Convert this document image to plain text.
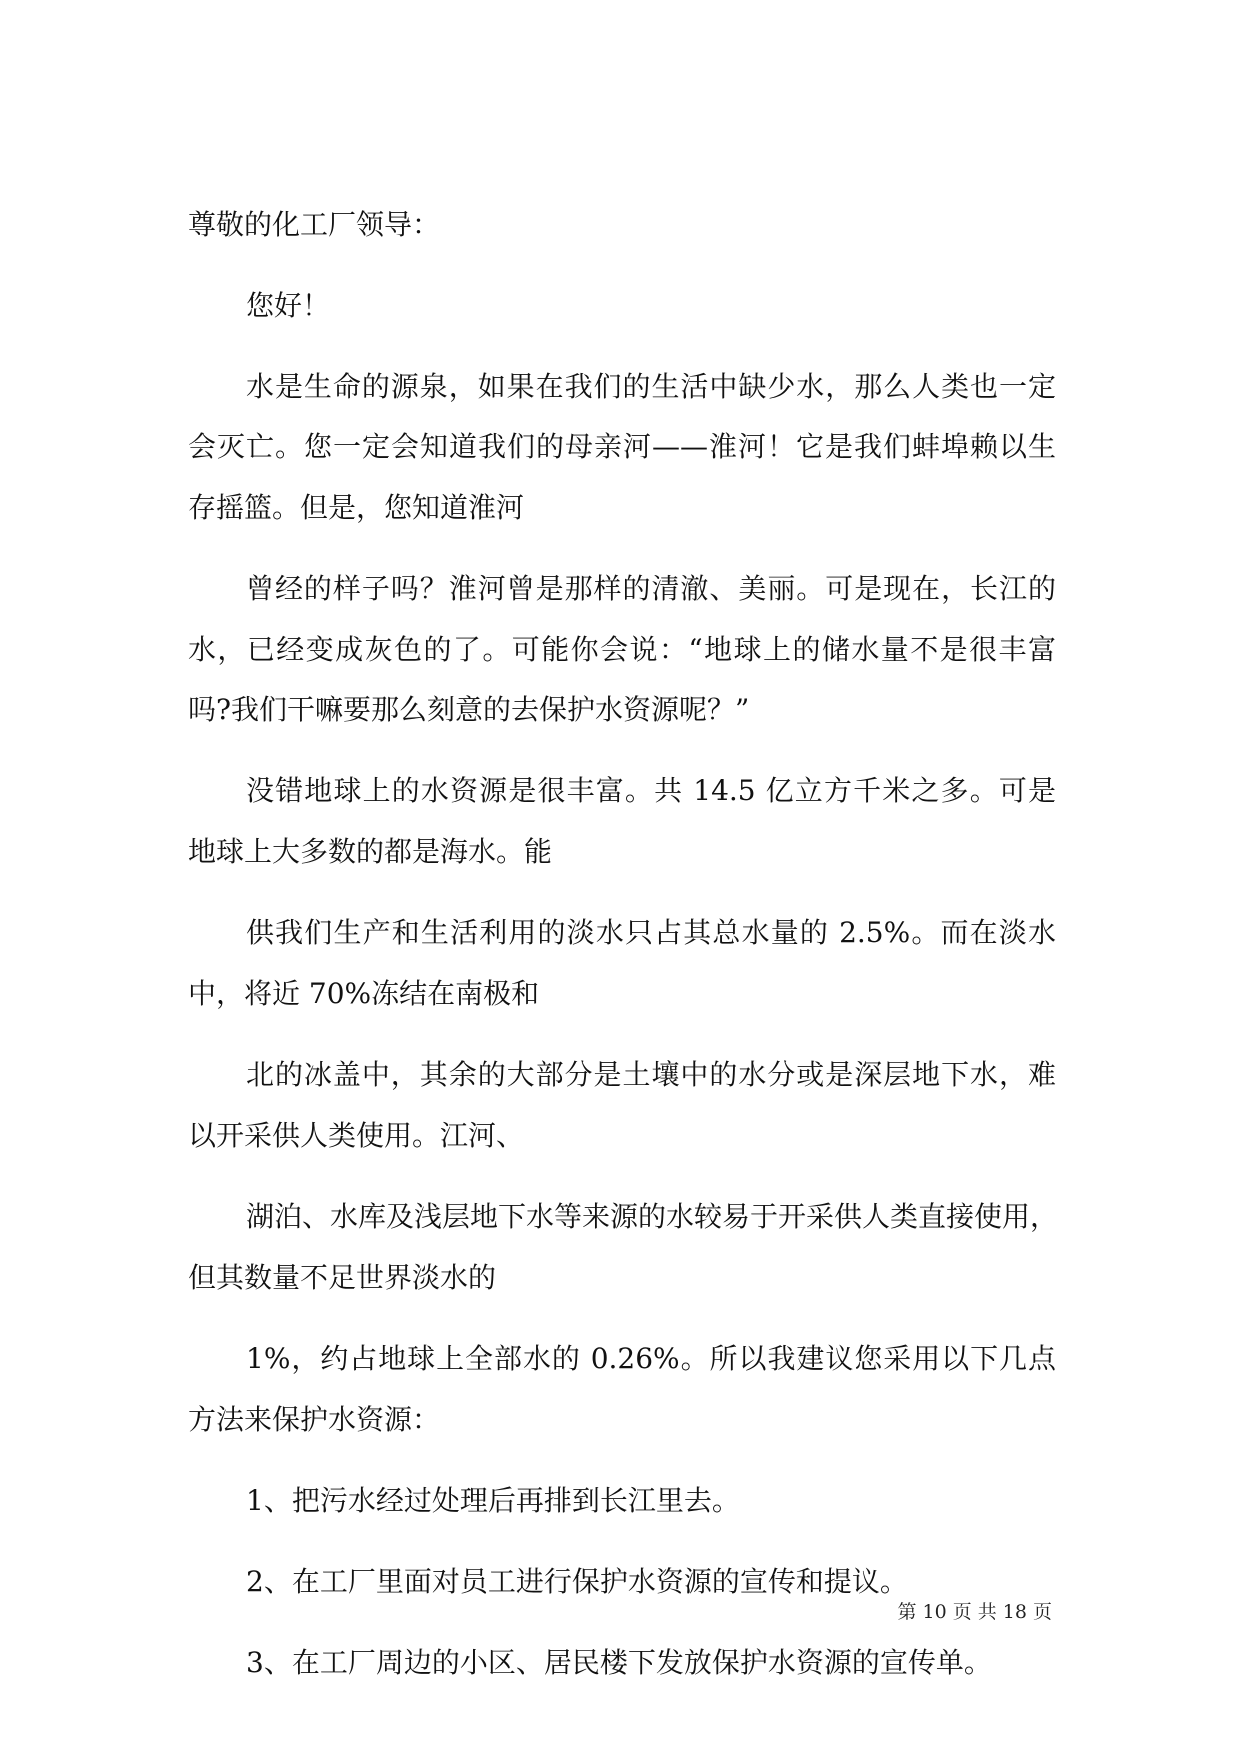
尊敬的化工厂领导：
您好！
水是生命的源泉，如果在我们的生活中缺少水，那么人类也一定
会灭亡。您一定会知道我们的母亲河——淮河！它是我们蚌埠赖以生
存摇篮。但是，您知道淮河
曾经的样子吗？淮河曾是那样的清澈、美丽。可是现在，长江的
水，已经变成灰色的了。可能你会说：“地球上的储水量不是很丰富
吗?我们干嘛要那么刻意的去保护水资源呢？”
没错地球上的水资源是很丰富。共 14.5 亿立方千米之多。可是
地球上大多数的都是海水。能
供我们生产和生活利用的淡水只占其总水量的 2.5%。而在淡水
中，将近 70%冻结在南极和
北的冰盖中，其余的大部分是土壤中的水分或是深层地下水，难
以开采供人类使用。江河、
湖泊、水库及浅层地下水等来源的水较易于开采供人类直接使用，
但其数量不足世界淡水的
1%，约占地球上全部水的 0.26%。所以我建议您采用以下几点
方法来保护水资源：
1、把污水经过处理后再排到长江里去。
2、在工厂里面对员工进行保护水资源的宣传和提议。
3、在工厂周边的小区、居民楼下发放保护水资源的宣传单。
第 10 页 共 18 页
